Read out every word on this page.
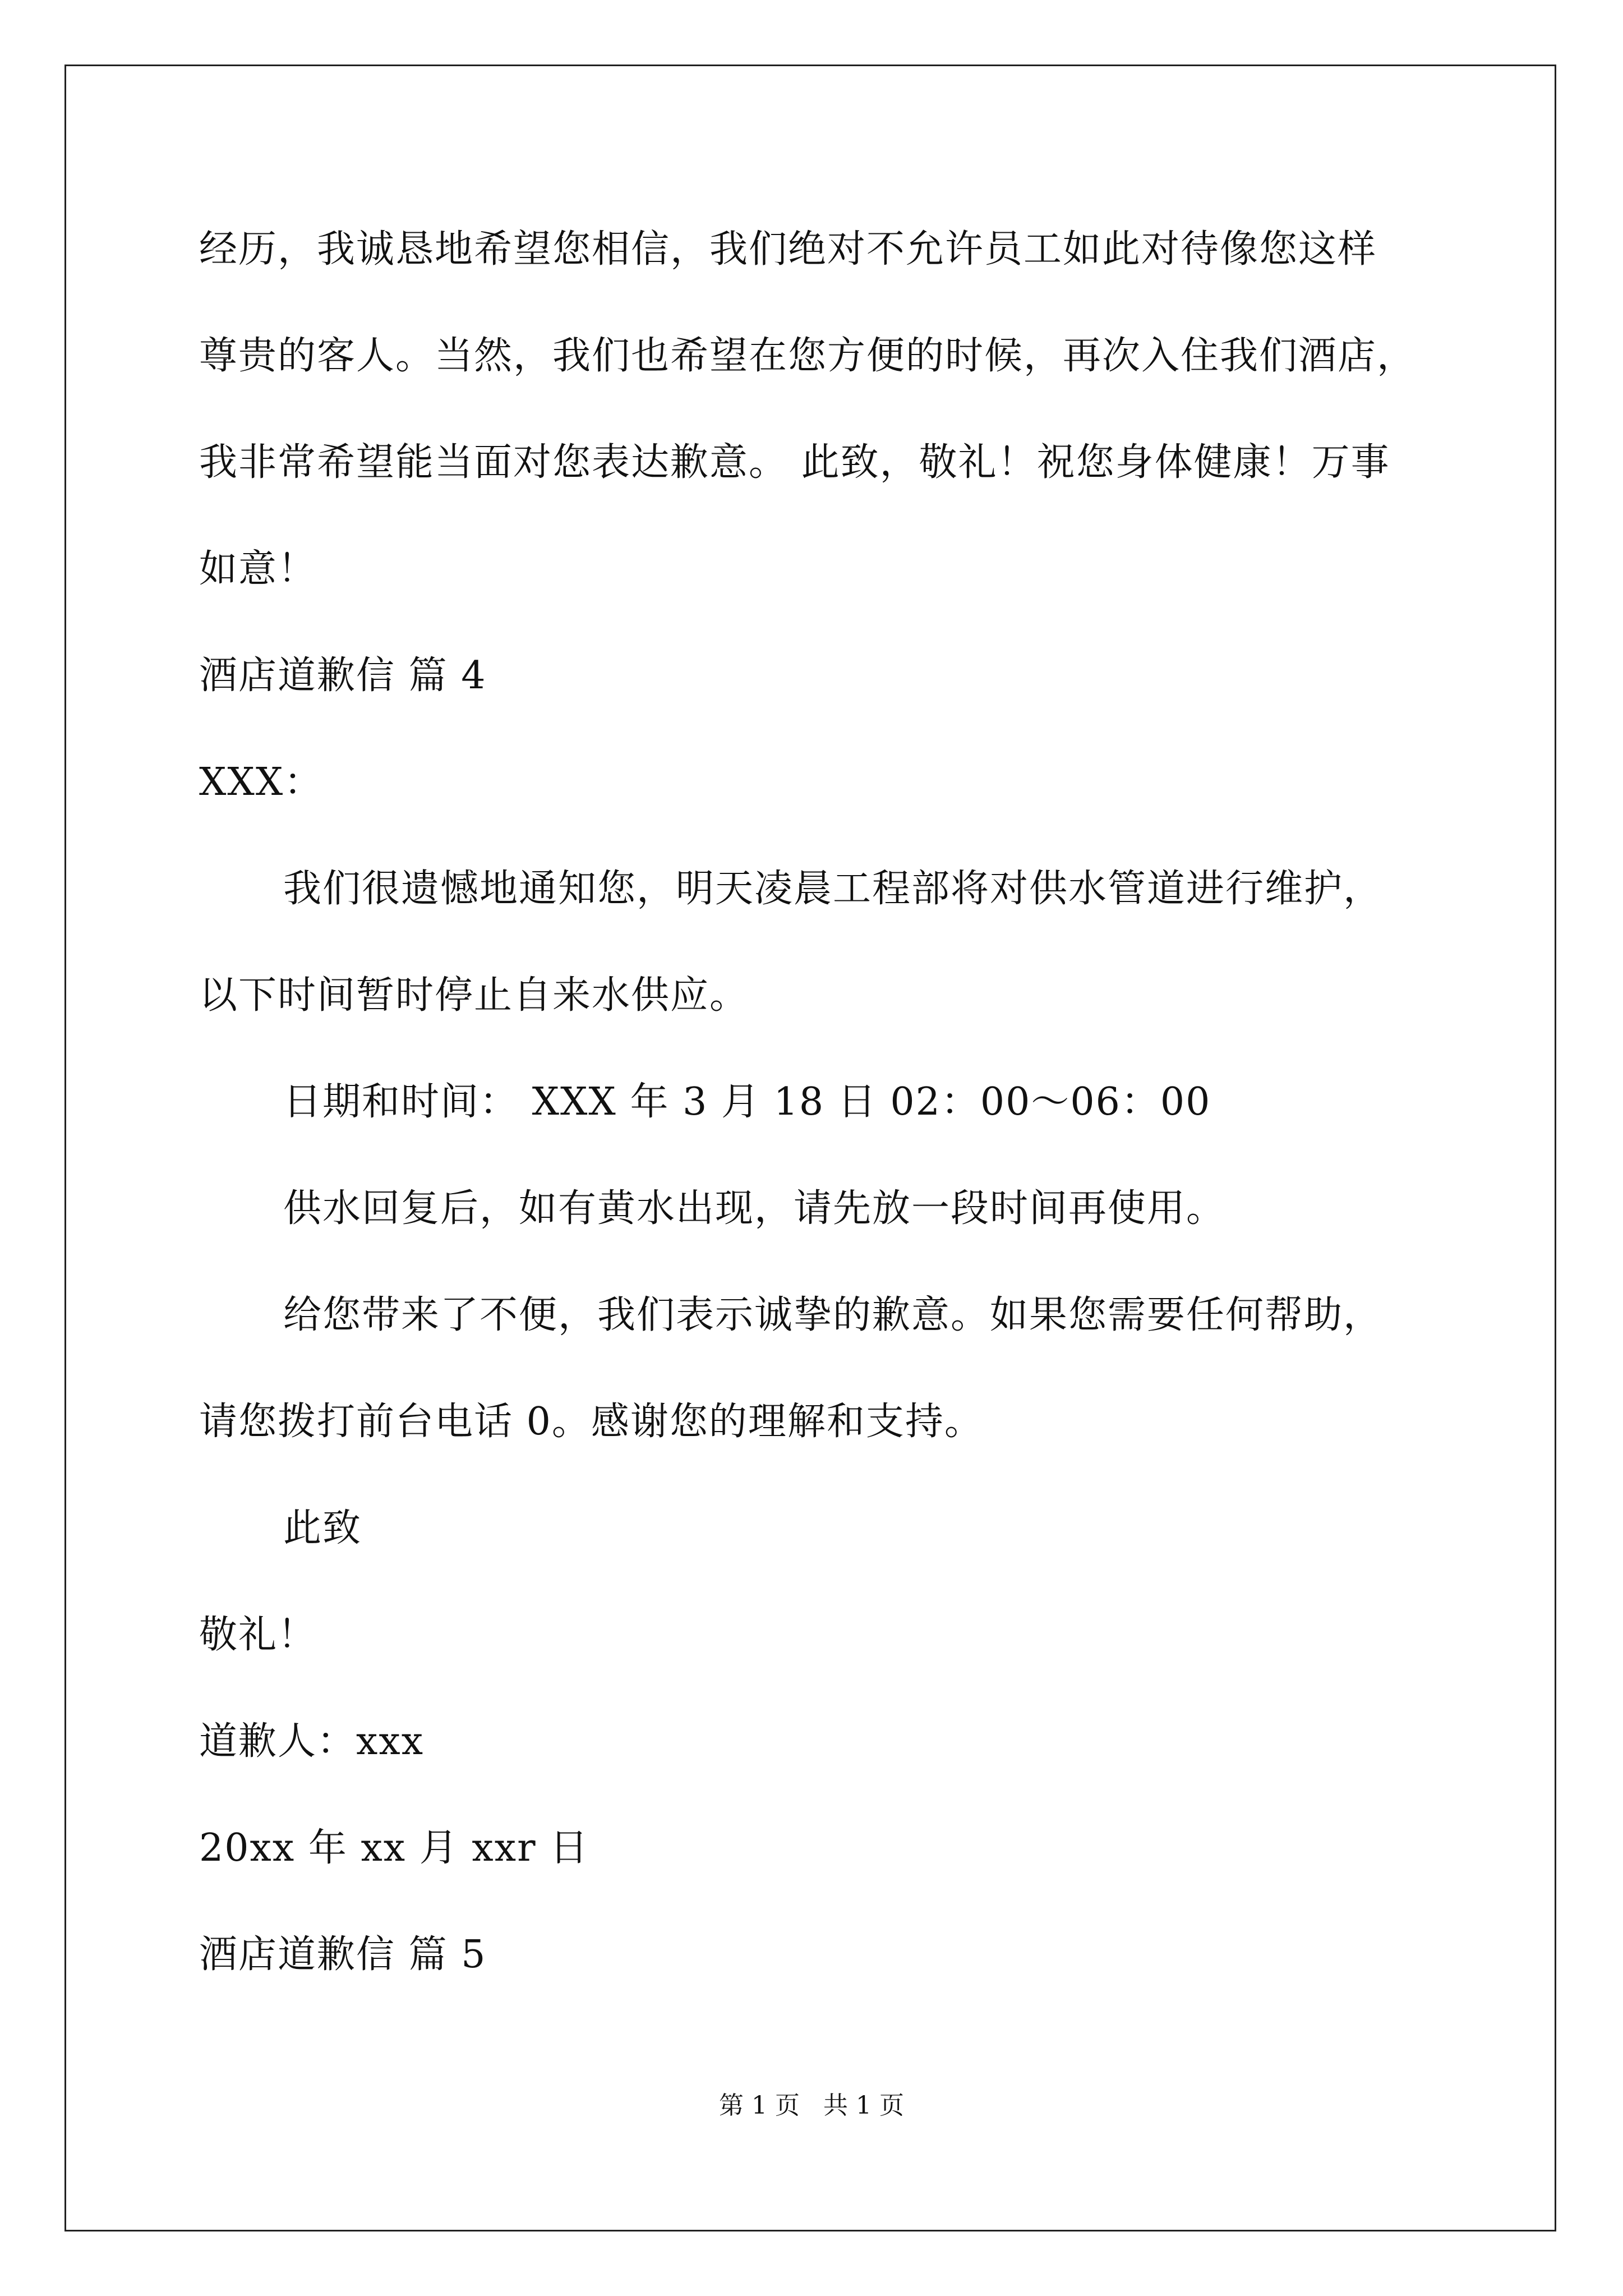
经历，我诚恳地希望您相信，我们绝对不允许员工如此对待像您这样
尊贵的客人。当然，我们也希望在您方便的时候，再次入住我们酒店，
我非常希望能当面对您表达歉意。 此致，敬礼！祝您身体健康！万事
如意！
酒店道歉信 篇 4
XXX：
我们很遗憾地通知您，明天凌晨工程部将对供水管道进行维护，
以下时间暂时停止自来水供应。
日期和时间： XXX 年 3 月 18 日 02：00～06：00
供水回复后，如有黄水出现，请先放一段时间再使用。
给您带来了不便，我们表示诚挚的歉意。如果您需要任何帮助，
请您拨打前台电话 0。感谢您的理解和支持。
此致
敬礼！
道歉人：xxx
20xx 年 xx 月 xxr 日
酒店道歉信 篇 5
第 1 页   共 1 页
